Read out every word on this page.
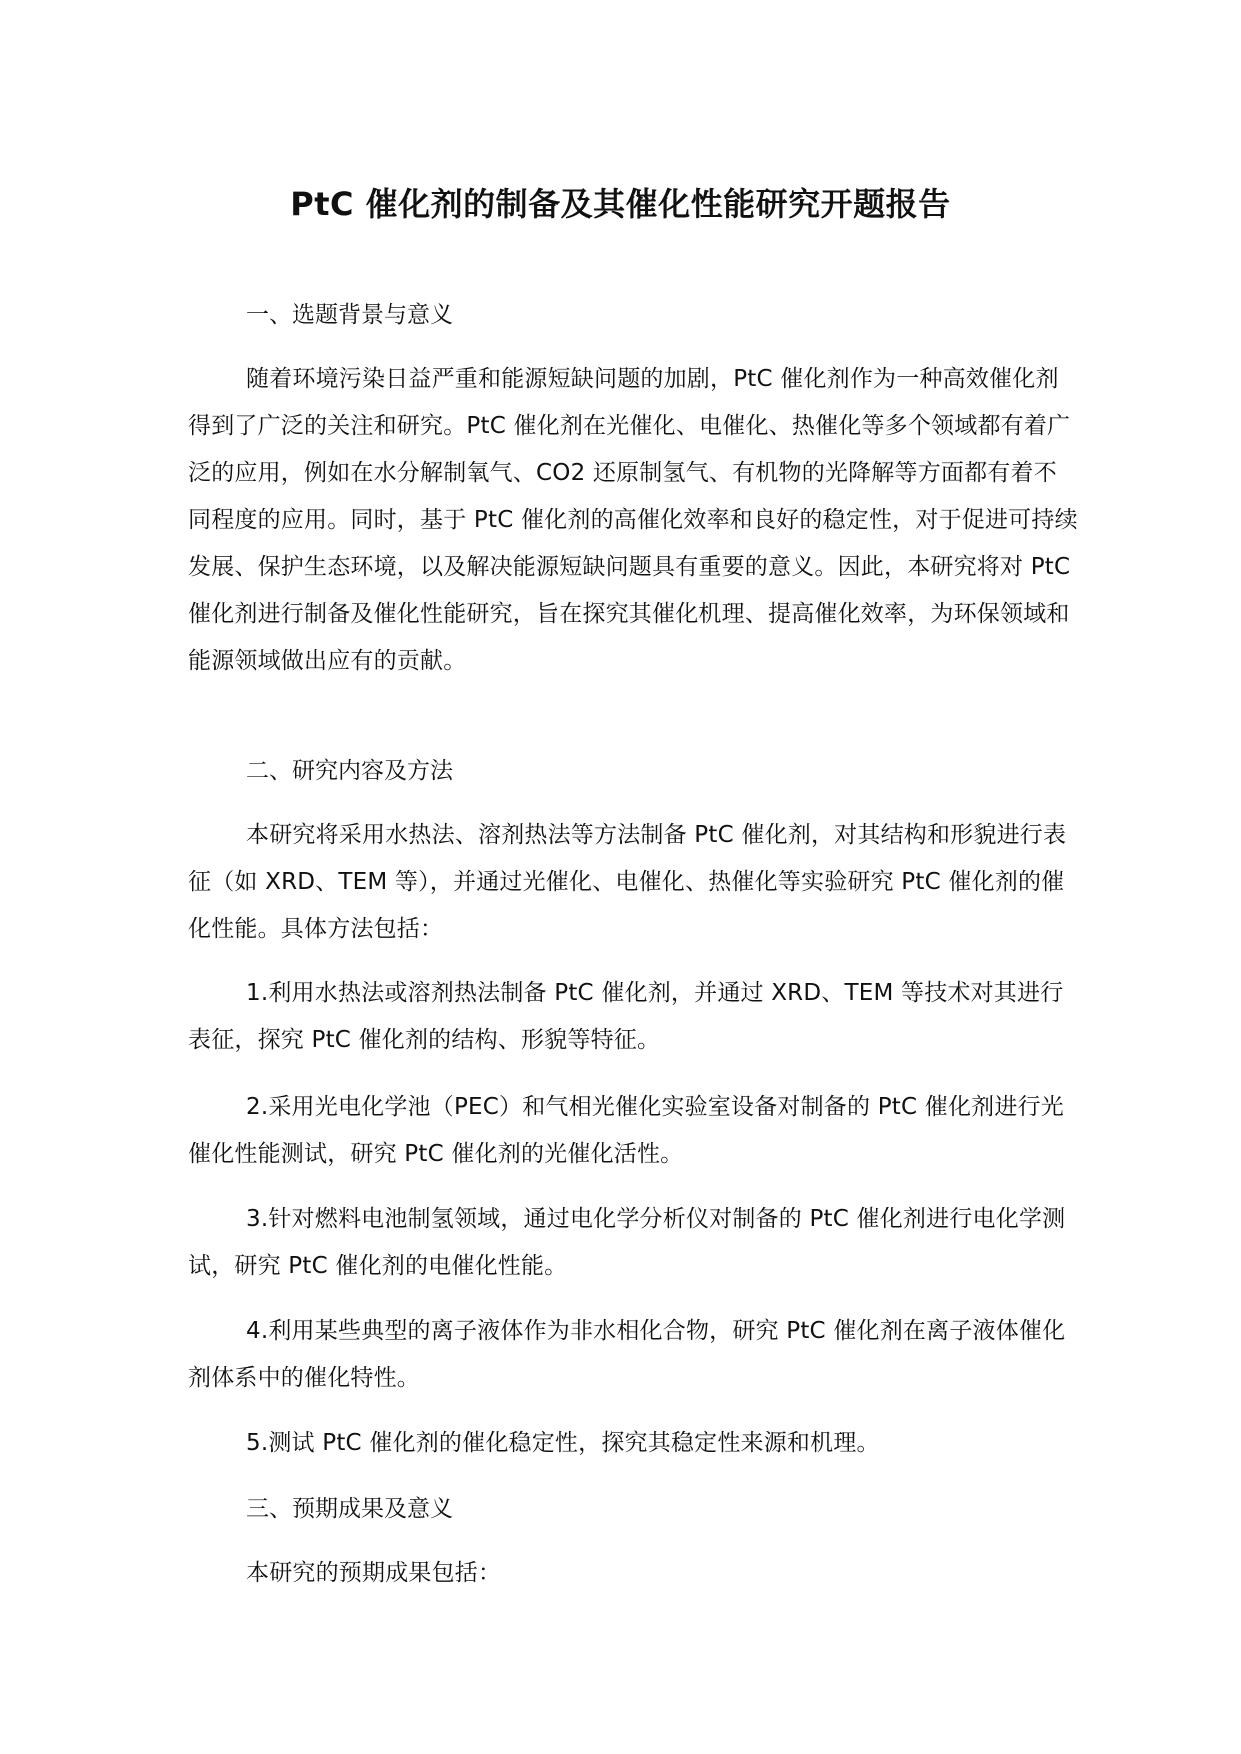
PtC 催化剂的制备及其催化性能研究开题报告

一、选题背景与意义

随着环境污染日益严重和能源短缺问题的加剧，PtC 催化剂作为一种高效催化剂得到了广泛的关注和研究。PtC 催化剂在光催化、电催化、热催化等多个领域都有着广泛的应用，例如在水分解制氧气、CO2 还原制氢气、有机物的光降解等方面都有着不同程度的应用。同时，基于 PtC 催化剂的高催化效率和良好的稳定性，对于促进可持续发展、保护生态环境，以及解决能源短缺问题具有重要的意义。因此，本研究将对 PtC 催化剂进行制备及催化性能研究，旨在探究其催化机理、提高催化效率，为环保领域和能源领域做出应有的贡献。

二、研究内容及方法

本研究将采用水热法、溶剂热法等方法制备 PtC 催化剂，对其结构和形貌进行表征（如 XRD、TEM 等），并通过光催化、电催化、热催化等实验研究 PtC 催化剂的催化性能。具体方法包括：

1.利用水热法或溶剂热法制备 PtC 催化剂，并通过 XRD、TEM 等技术对其进行表征，探究 PtC 催化剂的结构、形貌等特征。

2.采用光电化学池（PEC）和气相光催化实验室设备对制备的 PtC 催化剂进行光催化性能测试，研究 PtC 催化剂的光催化活性。

3.针对燃料电池制氢领域，通过电化学分析仪对制备的 PtC 催化剂进行电化学测试，研究 PtC 催化剂的电催化性能。

4.利用某些典型的离子液体作为非水相化合物，研究 PtC 催化剂在离子液体催化剂体系中的催化特性。

5.测试 PtC 催化剂的催化稳定性，探究其稳定性来源和机理。

三、预期成果及意义

本研究的预期成果包括：
